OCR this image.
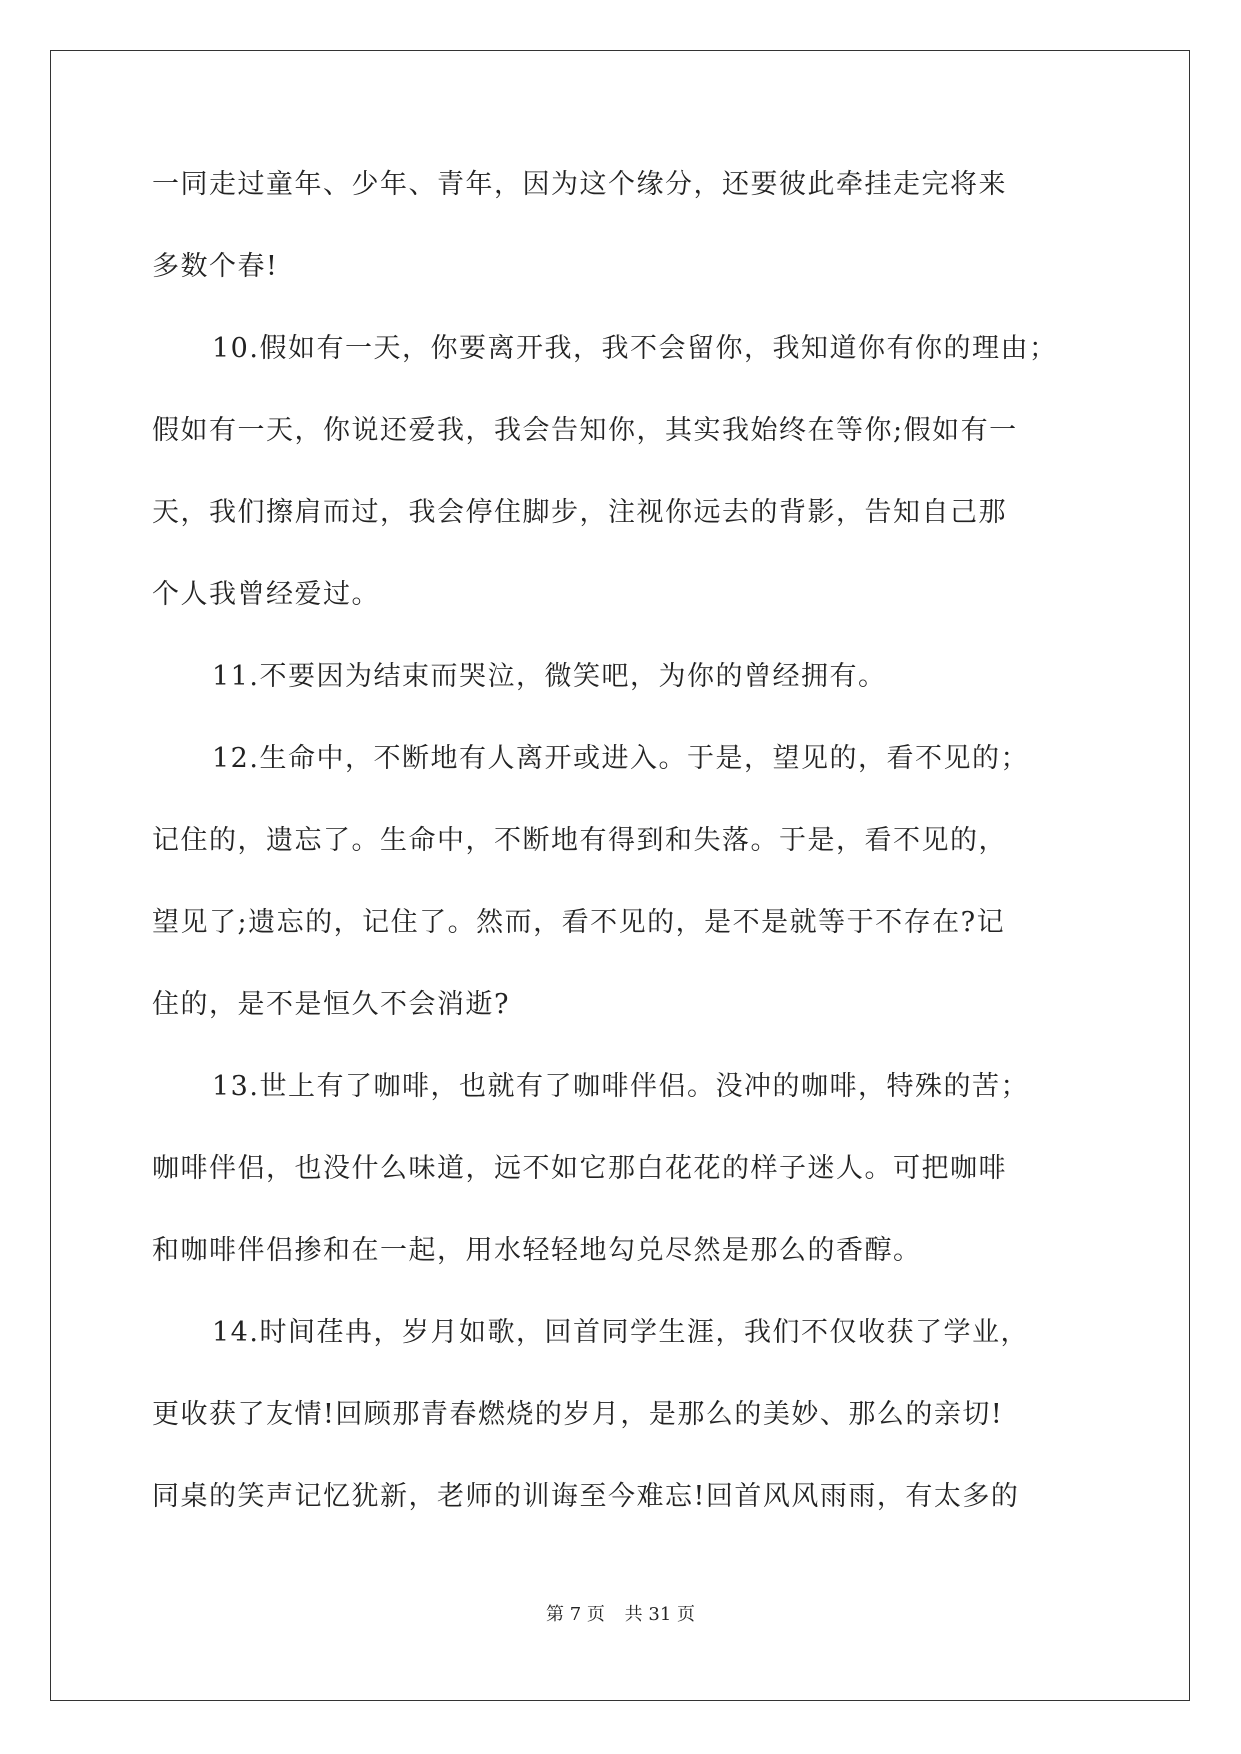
一同走过童年、少年、青年，因为这个缘分，还要彼此牵挂走完将来
多数个春!
10.假如有一天，你要离开我，我不会留你，我知道你有你的理由；
假如有一天，你说还爱我，我会告知你，其实我始终在等你;假如有一
天，我们擦肩而过，我会停住脚步，注视你远去的背影，告知自己那
个人我曾经爱过。
11.不要因为结束而哭泣，微笑吧，为你的曾经拥有。
12.生命中，不断地有人离开或进入。于是，望见的，看不见的；
记住的，遗忘了。生命中，不断地有得到和失落。于是，看不见的，
望见了;遗忘的，记住了。然而，看不见的，是不是就等于不存在?记
住的，是不是恒久不会消逝?
13.世上有了咖啡，也就有了咖啡伴侣。没冲的咖啡，特殊的苦；
咖啡伴侣，也没什么味道，远不如它那白花花的样子迷人。可把咖啡
和咖啡伴侣掺和在一起，用水轻轻地勾兑尽然是那么的香醇。
14.时间荏冉，岁月如歌，回首同学生涯，我们不仅收获了学业，
更收获了友情!回顾那青春燃烧的岁月，是那么的美妙、那么的亲切!
同桌的笑声记忆犹新，老师的训诲至今难忘!回首风风雨雨，有太多的
第 7 页 共 31 页
